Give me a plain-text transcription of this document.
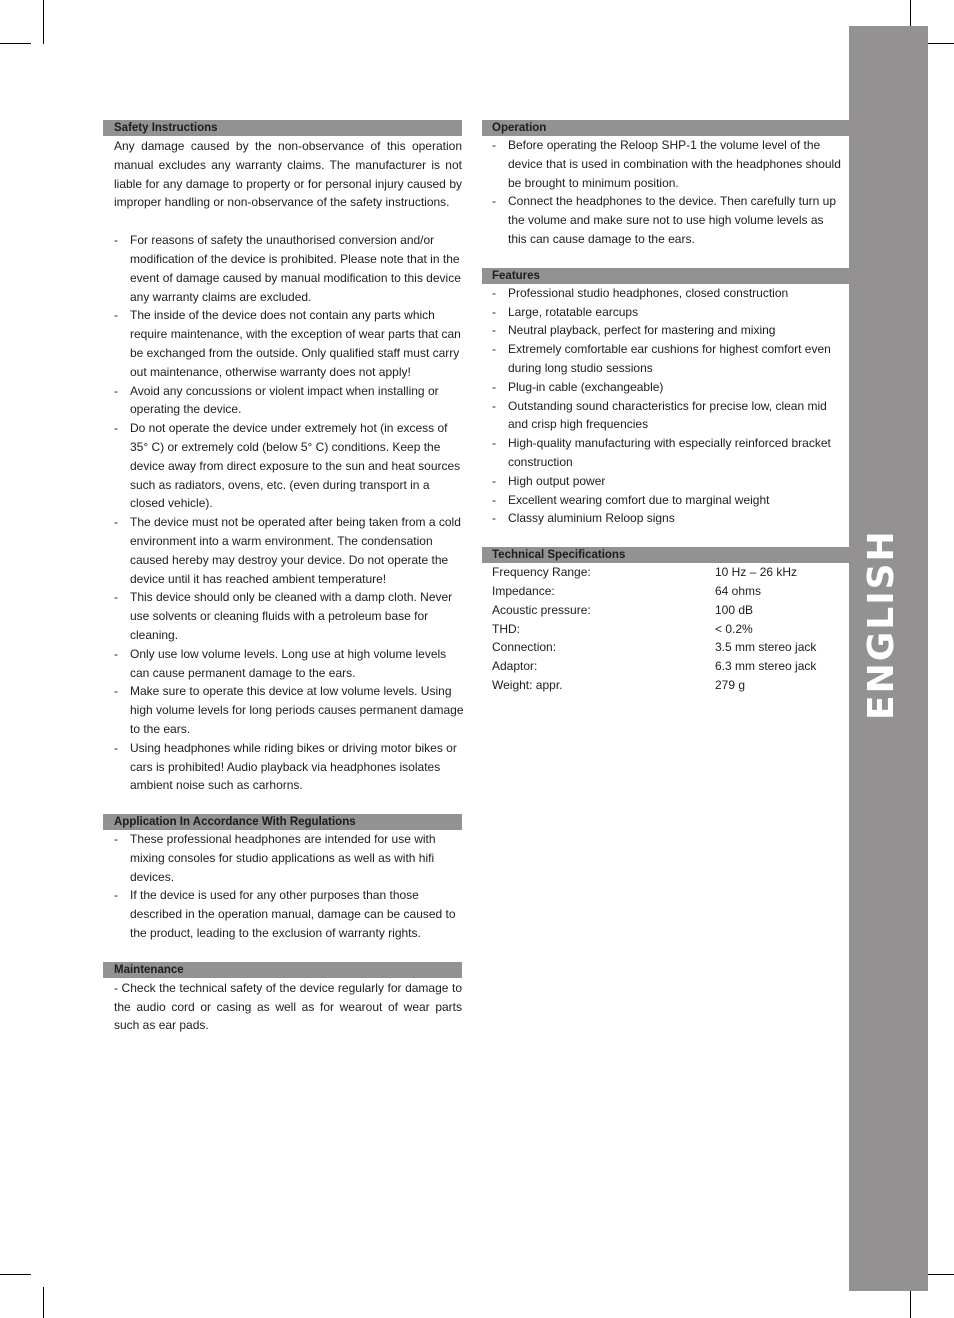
ENGLISH
Safety Instructions
Any damage caused by the non-observance of this operation manual excludes any warranty claims. The manufacturer is not liable for any damage to property or for personal injury caused by improper handling or non-observance of the safety instructions.
- For reasons of safety the unauthorised conversion and/or modification of the device is prohibited. Please note that in the event of damage caused by manual modification to this device any warranty claims are excluded.
- The inside of the device does not contain any parts which require maintenance, with the exception of wear parts that can be exchanged from the outside. Only qualified staff must carry out maintenance, otherwise warranty does not apply!
- Avoid any concussions or violent impact when installing or operating the device.
- Do not operate the device under extremely hot (in excess of 35° C) or extremely cold (below 5° C) conditions. Keep the device away from direct exposure to the sun and heat sources such as radiators, ovens, etc. (even during transport in a closed vehicle).
- The device must not be operated after being taken from a cold environment into a warm environment. The condensation caused hereby may destroy your device. Do not operate the device until it has reached ambient temperature!
- This device should only be cleaned with a damp cloth. Never use solvents or cleaning fluids with a petroleum base for cleaning.
- Only use low volume levels. Long use at high volume levels can cause permanent damage to the ears.
- Make sure to operate this device at low volume levels. Using high volume levels for long periods causes permanent damage to the ears.
- Using headphones while riding bikes or driving motor bikes or cars is prohibited! Audio playback via headphones isolates ambient noise such as carhorns.
Application In Accordance With Regulations
- These professional headphones are intended for use with mixing consoles for studio applications as well as with hifi devices.
- If the device is used for any other purposes than those described in the operation manual, damage can be caused to the product, leading to the exclusion of warranty rights.
Maintenance
- Check the technical safety of the device regularly for damage to the audio cord or casing as well as for wearout of wear parts such as ear pads.
Operation
- Before operating the Reloop SHP-1 the volume level of the device that is used in combination with the headphones should be brought to minimum position.
- Connect the headphones to the device. Then carefully turn up the volume and make sure not to use high volume levels as this can cause damage to the ears.
Features
- Professional studio headphones, closed construction
- Large, rotatable earcups
- Neutral playback, perfect for mastering and mixing
- Extremely comfortable ear cushions for highest comfort even during long studio sessions
- Plug-in cable (exchangeable)
- Outstanding sound characteristics for precise low, clean mid and crisp high frequencies
- High-quality manufacturing with especially reinforced bracket construction
- High output power
- Excellent wearing comfort due to marginal weight
- Classy aluminium Reloop signs
Technical Specifications
Frequency Range:	10 Hz – 26 kHz
Impedance:	64 ohms
Acoustic pressure:	100 dB
THD:	< 0.2%
Connection:	3.5 mm stereo jack
Adaptor:	6.3 mm stereo jack
Weight: appr.	279 g
